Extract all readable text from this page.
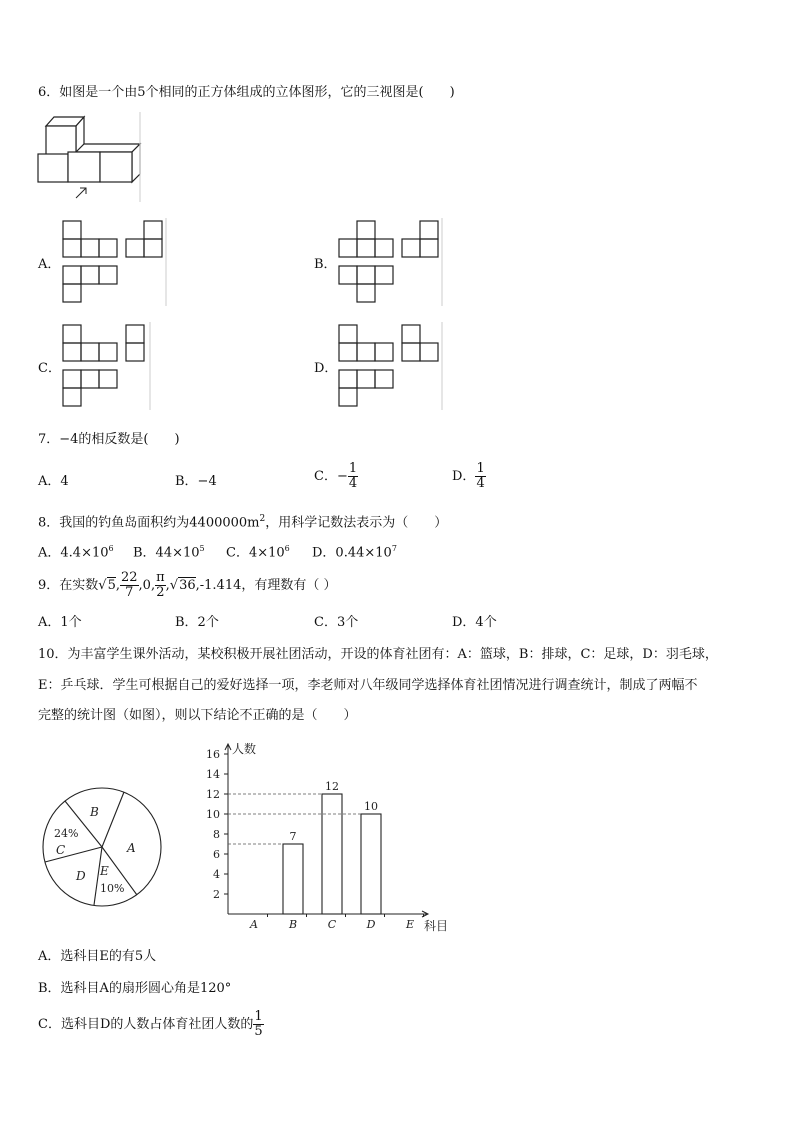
6．如图是一个由5个相同的正方体组成的立体图形，它的三视图是(　　)
A．	B．
C．	D．
7．−4的相反数是(　　)
A．4	B．−4	C．− $\frac{1}{4}$	D． $\frac{1}{4}$
8．我国的钓鱼岛面积约为$4400000m^2$，用科学记数法表示为（　　）
A．$4.4\times 10^6$ B．$44\times 10^5$ C．$4\times 10^6$ D．$0.44\times 10^7$
9．在实数√5, $\frac{22}{7} ,0$, $\frac{\pi}{2} ,√36,-1.414$，有理数有（ ）
A．1个	B．2个	C．3个	D．4个
10．为丰富学生课外活动，某校积极开展社团活动，开设的体育社团有：A：篮球，B：排球，C：足球，D：羽毛球，
E：乒乓球．学生可根据自己的爱好选择一项，李老师对八年级同学选择体育社团情况进行调查统计，制成了两幅不
完整的统计图（如图），则以下结论不正确的是（　　）
B
A
C
D E
24%
10%
人数
科目
2
4
6
8
10
12
14
16
A	B
7
C
12
D
10
E
A．选科目E的有5人
B．选科目A的扇形圆心角是120°
C．选科目D的人数占体育社团人数的 $\frac{1}{5}$
